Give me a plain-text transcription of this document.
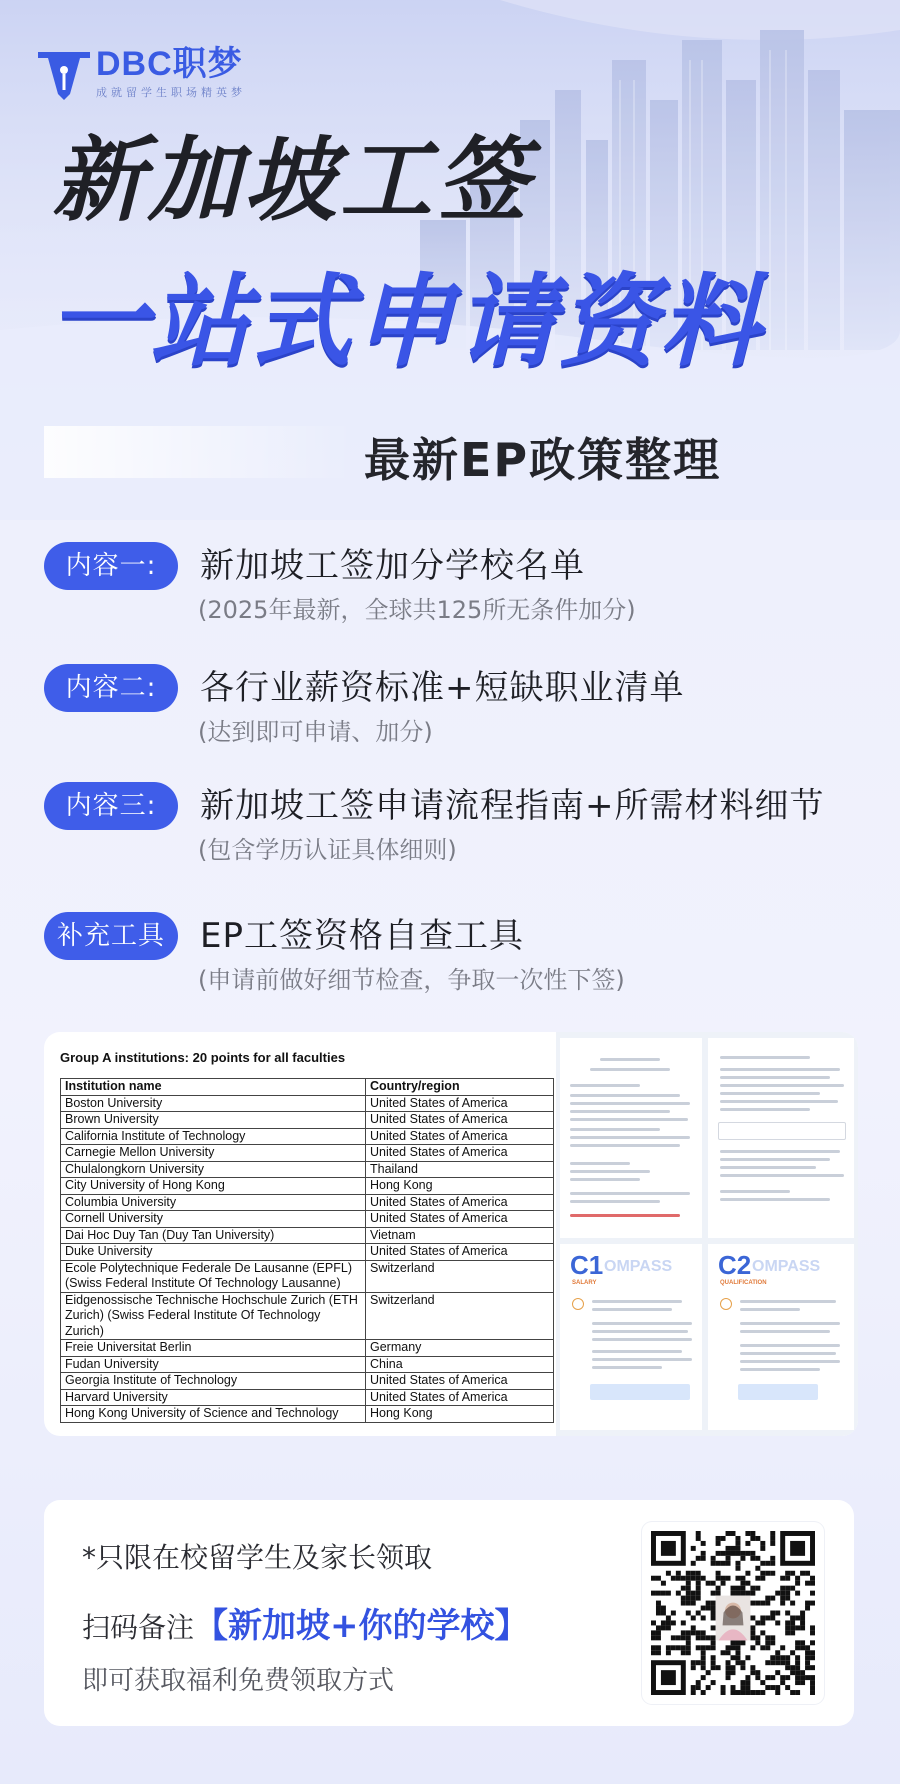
DBC职梦
成就留学生职场精英梦
新加坡工签
一站式申请资料
最新EP政策整理
内容一:	新加坡工签加分学校名单
(2025年最新，全球共125所无条件加分)
内容二:	各行业薪资标准+短缺职业清单
(达到即可申请、加分)
内容三:	新加坡工签申请流程指南+所需材料细节
(包含学历认证具体细则)
补充工具	EP工签资格自查工具
(申请前做好细节检查，争取一次性下签)
Group A institutions: 20 points for all faculties
Institution name	Country/region
Boston University	United States of America
Brown University	United States of America
California Institute of Technology	United States of America
Carnegie Mellon University	United States of America
Chulalongkorn University	Thailand
City University of Hong Kong	Hong Kong
Columbia University	United States of America
Cornell University	United States of America
Dai Hoc Duy Tan (Duy Tan University)	Vietnam
Duke University	United States of America
Ecole Polytechnique Federale De Lausanne (EPFL)(Swiss Federal Institute Of Technology Lausanne)	Switzerland
Eidgenossische Technische Hochschule Zurich (ETH Zurich) (Swiss Federal Institute Of Technology Zurich)	Switzerland
Freie Universitat Berlin	Germany
Fudan University	China
Georgia Institute of Technology	United States of America
Harvard University	United States of America
Hong Kong University of Science and Technology	Hong Kong
C1 OMPASS
SALARY
C2 OMPASS
QUALIFICATION
*只限在校留学生及家长领取
扫码备注【新加坡+你的学校】
即可获取福利免费领取方式
